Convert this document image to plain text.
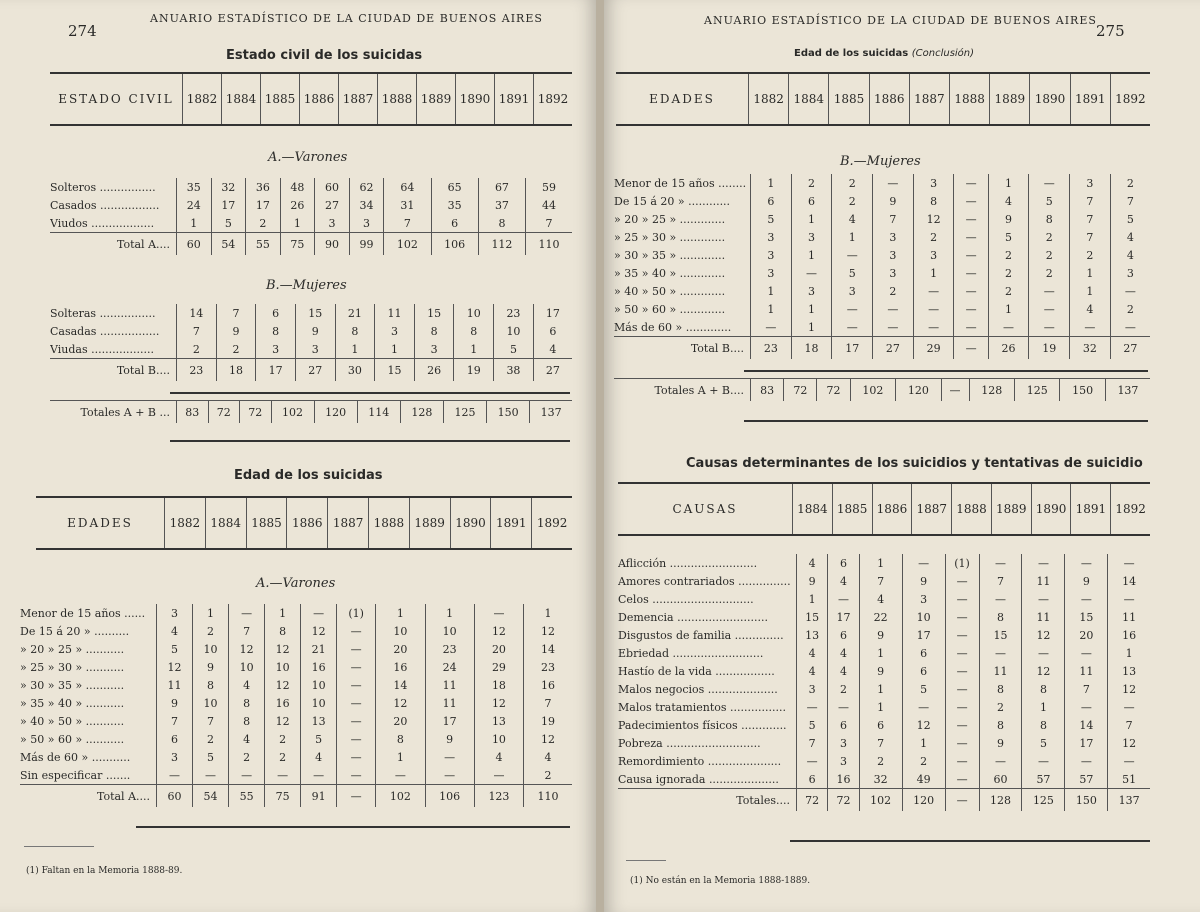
274
ANUARIO ESTADÍSTICO DE LA CIUDAD DE BUENOS AIRES
Estado civil de los suicidas
ESTADO CIVIL	1882	1884	1885	1886	1887	1888	1889	1890	1891	1892
A.—Varones
Solteros ................	35	32	36	48	60	62	64	65	67	59
Casados .................	24	17	17	26	27	34	31	35	37	44
Viudos ..................	1	5	2	1	3	3	7	6	8	7
Total A....	60	54	55	75	90	99	102	106	112	110
B.—Mujeres
Solteras ................	14	7	6	15	21	11	15	10	23	17
Casadas .................	7	9	8	9	8	3	8	8	10	6
Viudas ..................	2	2	3	3	1	1	3	1	5	4
Total B....	23	18	17	27	30	15	26	19	38	27
Totales A + B ...	83	72	72	102	120	114	128	125	150	137
Edad de los suicidas
EDADES	1882	1884	1885	1886	1887	1888	1889	1890	1891	1892
A.—Varones
Menor de 15 años ......	3	1	—	1	—	(1)	1	1	—	1
De 15 á 20 » ..........	4	2	7	8	12	—	10	10	12	12
» 20 » 25 » ...........	5	10	12	12	21	—	20	23	20	14
» 25 » 30 » ...........	12	9	10	10	16	—	16	24	29	23
» 30 » 35 » ...........	11	8	4	12	10	—	14	11	18	16
» 35 » 40 » ...........	9	10	8	16	10	—	12	11	12	7
» 40 » 50 » ...........	7	7	8	12	13	—	20	17	13	19
» 50 » 60 » ...........	6	2	4	2	5	—	8	9	10	12
Más de 60 » ...........	3	5	2	2	4	—	1	—	4	4
Sin especificar .......	—	—	—	—	—	—	—	—	—	2
Total A....	60	54	55	75	91	—	102	106	123	110
(1) Faltan en la Memoria 1888-89.
ANUARIO ESTADÍSTICO DE LA CIUDAD DE BUENOS AIRES
275
Edad de los suicidas (Conclusión)
EDADES	1882	1884	1885	1886	1887	1888	1889	1890	1891	1892
B.—Mujeres
Menor de 15 años ........	1	2	2	—	3	—	1	—	3	2
De 15 á 20 » ............	6	6	2	9	8	—	4	5	7	7
» 20 » 25 » .............	5	1	4	7	12	—	9	8	7	5
» 25 » 30 » .............	3	3	1	3	2	—	5	2	7	4
» 30 » 35 » .............	3	1	—	3	3	—	2	2	2	4
» 35 » 40 » .............	3	—	5	3	1	—	2	2	1	3
» 40 » 50 » .............	1	3	3	2	—	—	2	—	1	—
» 50 » 60 » .............	1	1	—	—	—	—	1	—	4	2
Más de 60 » .............	—	1	—	—	—	—	—	—	—	—
Total B....	23	18	17	27	29	—	26	19	32	27
Totales A + B....	83	72	72	102	120	—	128	125	150	137
Causas determinantes de los suicidios y tentativas de suicidio
CAUSAS	1884	1885	1886	1887	1888	1889	1890	1891	1892
Aflicción .........................	4	6	1	—	(1)	—	—	—	—
Amores contrariados ...............	9	4	7	9	—	7	11	9	14
Celos .............................	1	—	4	3	—	—	—	—	—
Demencia ..........................	15	17	22	10	—	8	11	15	11
Disgustos de familia ..............	13	6	9	17	—	15	12	20	16
Ebriedad ..........................	4	4	1	6	—	—	—	—	1
Hastío de la vida .................	4	4	9	6	—	11	12	11	13
Malos negocios ....................	3	2	1	5	—	8	8	7	12
Malos tratamientos ................	—	—	1	—	—	2	1	—	—
Padecimientos físicos .............	5	6	6	12	—	8	8	14	7
Pobreza ...........................	7	3	7	1	—	9	5	17	12
Remordimiento .....................	—	3	2	2	—	—	—	—	—
Causa ignorada ....................	6	16	32	49	—	60	57	57	51
Totales....	72	72	102	120	—	128	125	150	137
(1) No están en la Memoria 1888-1889.
